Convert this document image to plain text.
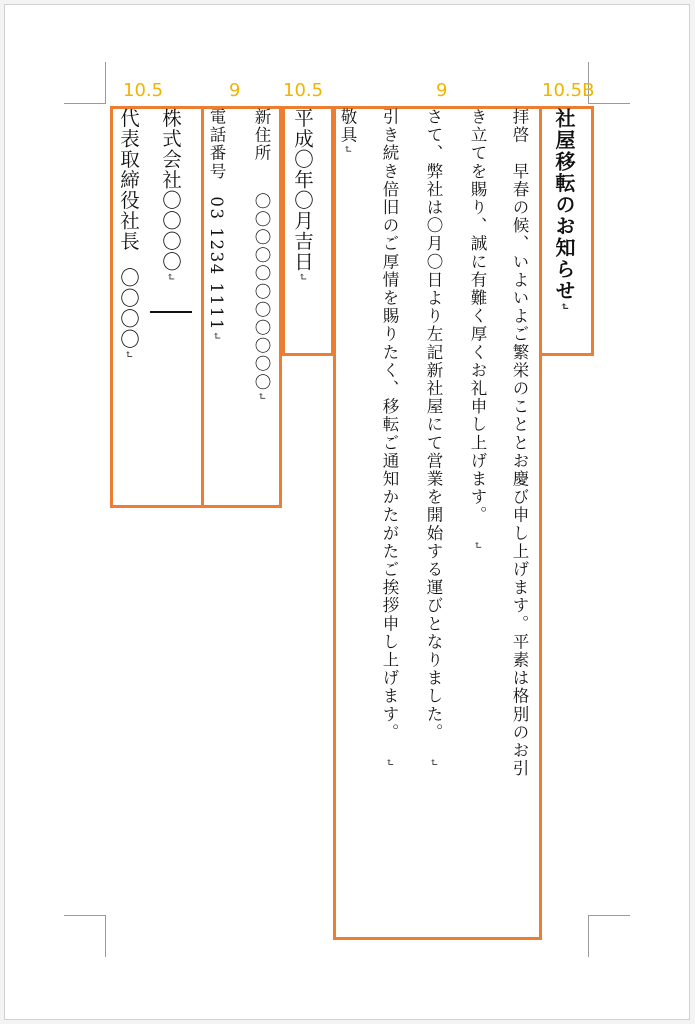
10.5	9 10.5	9	10.5B
社屋移転のお知らせ↵
拝啓　早春の候、いよいよご繁栄のこととお慶び申し上げます。平素は格別のお引
き立てを賜り、誠に有難く厚くお礼申し上げます。↵
さて、弊社は〇月〇日より左記新社屋にて営業を開始する運びとなりました。↵
引き続き倍旧のご厚情を賜りたく、移転ご通知かたがたご挨拶申し上げます。↵
敬具↵
平成〇年〇月吉日↵
新住所〇〇〇〇〇〇〇〇〇〇〇↵
電話番号03 1234 1111↵
株式会社〇〇〇〇↵
代表取締役社長〇〇〇〇↵
